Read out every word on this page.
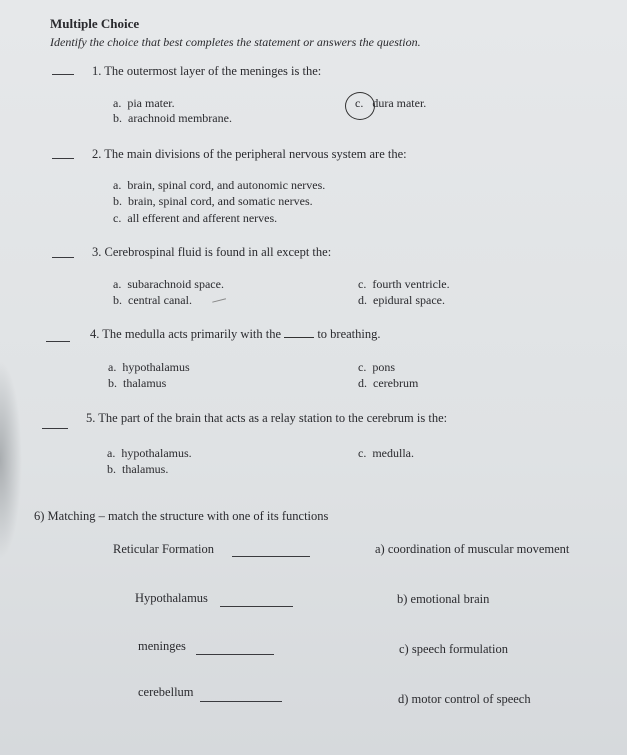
Multiple Choice
Identify the choice that best completes the statement or answers the question.
1. The outermost layer of the meninges is the:
a. pia mater.
b. arachnoid membrane.
c. dura mater.
2. The main divisions of the peripheral nervous system are the:
a. brain, spinal cord, and autonomic nerves.
b. brain, spinal cord, and somatic nerves.
c. all efferent and afferent nerves.
3. Cerebrospinal fluid is found in all except the:
a. subarachnoid space.
b. central canal.
c. fourth ventricle.
d. epidural space.
4. The medulla acts primarily with the	to breathing.
a. hypothalamus
b. thalamus
c. pons
d. cerebrum
5. The part of the brain that acts as a relay station to the cerebrum is the:
a. hypothalamus.
b. thalamus.
c. medulla.
6) Matching – match the structure with one of its functions
Reticular Formation	a) coordination of muscular movement
Hypothalamus	b) emotional brain
meninges	c) speech formulation
cerebellum	d) motor control of speech
